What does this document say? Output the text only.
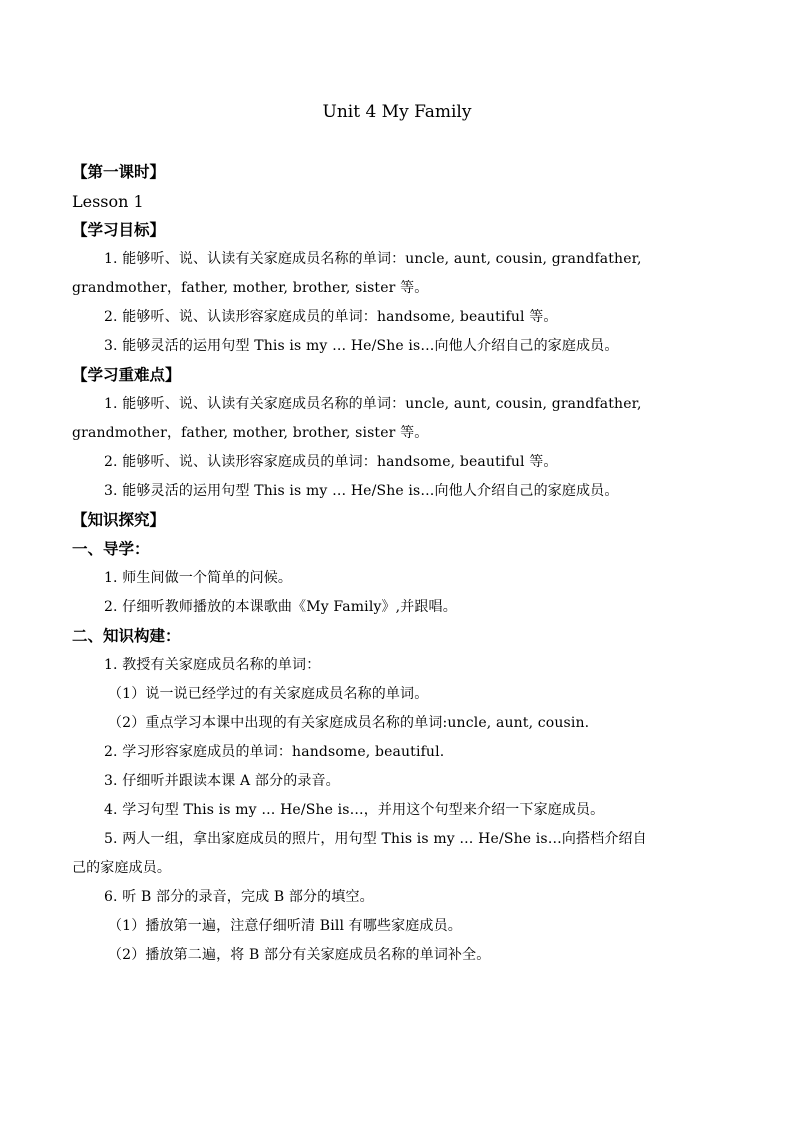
Unit 4 My Family
【第一课时】
Lesson 1
【学习目标】
1. 能够听、说、认读有关家庭成员名称的单词：uncle, aunt, cousin, grandfather,
grandmother，father, mother, brother, sister 等。
2. 能够听、说、认读形容家庭成员的单词：handsome, beautiful 等。
3. 能够灵活的运用句型 This is my … He/She is…向他人介绍自己的家庭成员。
【学习重难点】
1. 能够听、说、认读有关家庭成员名称的单词：uncle, aunt, cousin, grandfather,
grandmother，father, mother, brother, sister 等。
2. 能够听、说、认读形容家庭成员的单词：handsome, beautiful 等。
3. 能够灵活的运用句型 This is my … He/She is…向他人介绍自己的家庭成员。
【知识探究】
一、导学：
1. 师生间做一个简单的问候。
2. 仔细听教师播放的本课歌曲《My Family》,并跟唱。
二、知识构建：
1. 教授有关家庭成员名称的单词：
（1）说一说已经学过的有关家庭成员名称的单词。
（2）重点学习本课中出现的有关家庭成员名称的单词:uncle, aunt, cousin.
2. 学习形容家庭成员的单词：handsome, beautiful.
3. 仔细听并跟读本课 A 部分的录音。
4. 学习句型 This is my … He/She is…，并用这个句型来介绍一下家庭成员。
5. 两人一组，拿出家庭成员的照片，用句型 This is my … He/She is…向搭档介绍自
己的家庭成员。
6. 听 B 部分的录音，完成 B 部分的填空。
（1）播放第一遍，注意仔细听清 Bill 有哪些家庭成员。
（2）播放第二遍，将 B 部分有关家庭成员名称的单词补全。
